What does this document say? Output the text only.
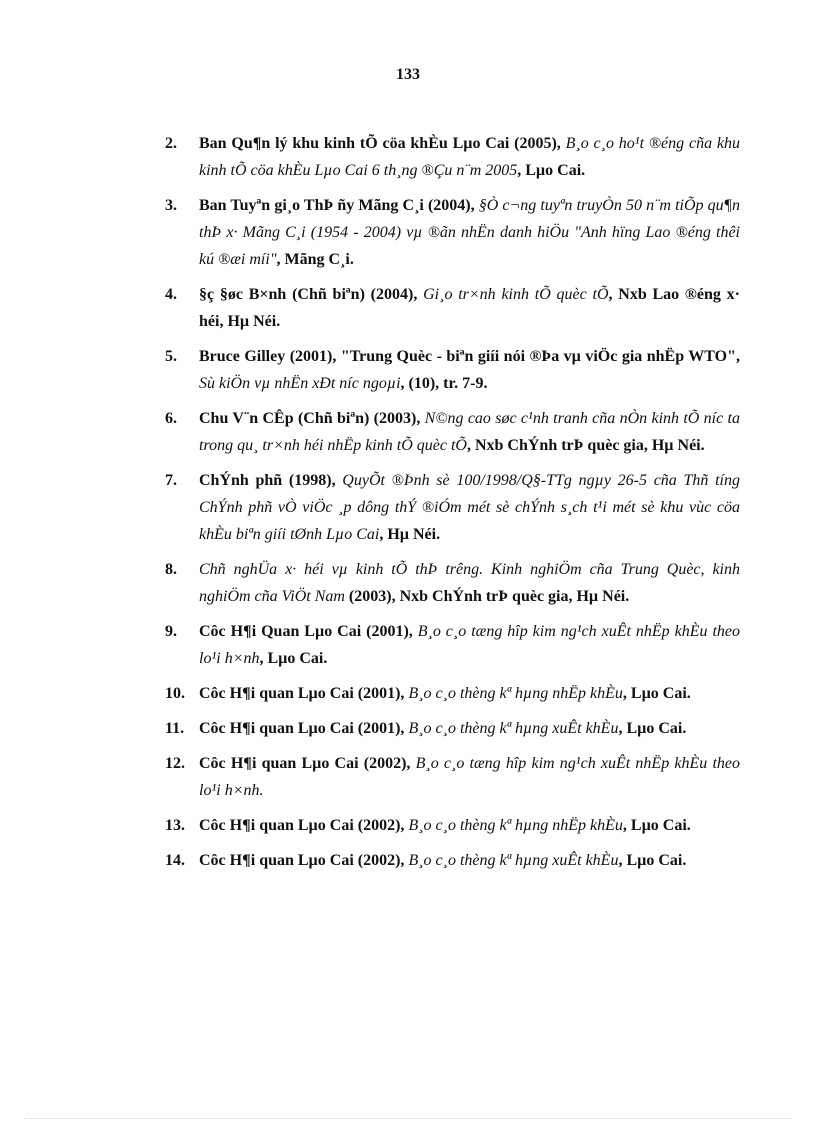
133
2. Ban Qu¶n lý khu kinh tÕ cöa khÈu Lµo Cai (2005), B¸o c¸o ho¹t ®éng cña khu kinh tÕ cöa khÈu Lµo Cai 6 th¸ng ®Çu n¨m 2005, Lµo Cai.
3. Ban Tuyªn gi¸o ThÞ ñy Mãng C¸i (2004), §Ò c¬ng tuyªn truyÒn 50 n¨m tiÕp qu¶n thÞ x· Mãng C¸i (1954 - 2004) vµ ®ãn nhËn danh hiÖu "Anh hïng Lao ®éng thêi kú ®æi míi", Mãng C¸i.
4. §ç §øc B×nh (Chñ biªn) (2004), Gi¸o tr×nh kinh tÕ quèc tÕ, Nxb Lao ®éng x· héi, Hµ Néi.
5. Bruce Gilley (2001), "Trung Quèc - biªn giíi nói ®Þa vµ viÖc gia nhËp WTO", Sù kiÖn vµ nhËn xÐt níc ngoµi, (10), tr. 7-9.
6. Chu V¨n CÊp (Chñ biªn) (2003), N©ng cao søc c¹nh tranh cña nÒn kinh tÕ níc ta trong qu¸ tr×nh héi nhËp kinh tÕ quèc tÕ, Nxb ChÝnh trÞ quèc gia, Hµ Néi.
7. ChÝnh phñ (1998), QuyÕt ®Þnh sè 100/1998/Q§-TTg ngµy 26-5 cña Thñ tíng ChÝnh phñ vÒ viÖc ¸p dông thÝ ®iÓm mét sè chÝnh s¸ch t¹i mét sè khu vùc cöa khÈu biªn giíi tØnh Lµo Cai, Hµ Néi.
8. Chñ nghÜa x· héi vµ kinh tÕ thÞ trêng. Kinh nghiÖm cña Trung Quèc, kinh nghiÖm cña ViÖt Nam (2003), Nxb ChÝnh trÞ quèc gia, Hµ Néi.
9. Côc H¶i Quan Lµo Cai (2001), B¸o c¸o tæng hîp kim ng¹ch xuÊt nhËp khÈu theo lo¹i h×nh, Lµo Cai.
10. Côc H¶i quan Lµo Cai (2001), B¸o c¸o thèng kª hµng nhËp khÈu, Lµo Cai.
11. Côc H¶i quan Lµo Cai (2001), B¸o c¸o thèng kª hµng xuÊt khÈu, Lµo Cai.
12. Côc H¶i quan Lµo Cai (2002), B¸o c¸o tæng hîp kim ng¹ch xuÊt nhËp khÈu theo lo¹i h×nh.
13. Côc H¶i quan Lµo Cai (2002), B¸o c¸o thèng kª hµng nhËp khÈu, Lµo Cai.
14. Côc H¶i quan Lµo Cai (2002), B¸o c¸o thèng kª hµng xuÊt khÈu, Lµo Cai.
